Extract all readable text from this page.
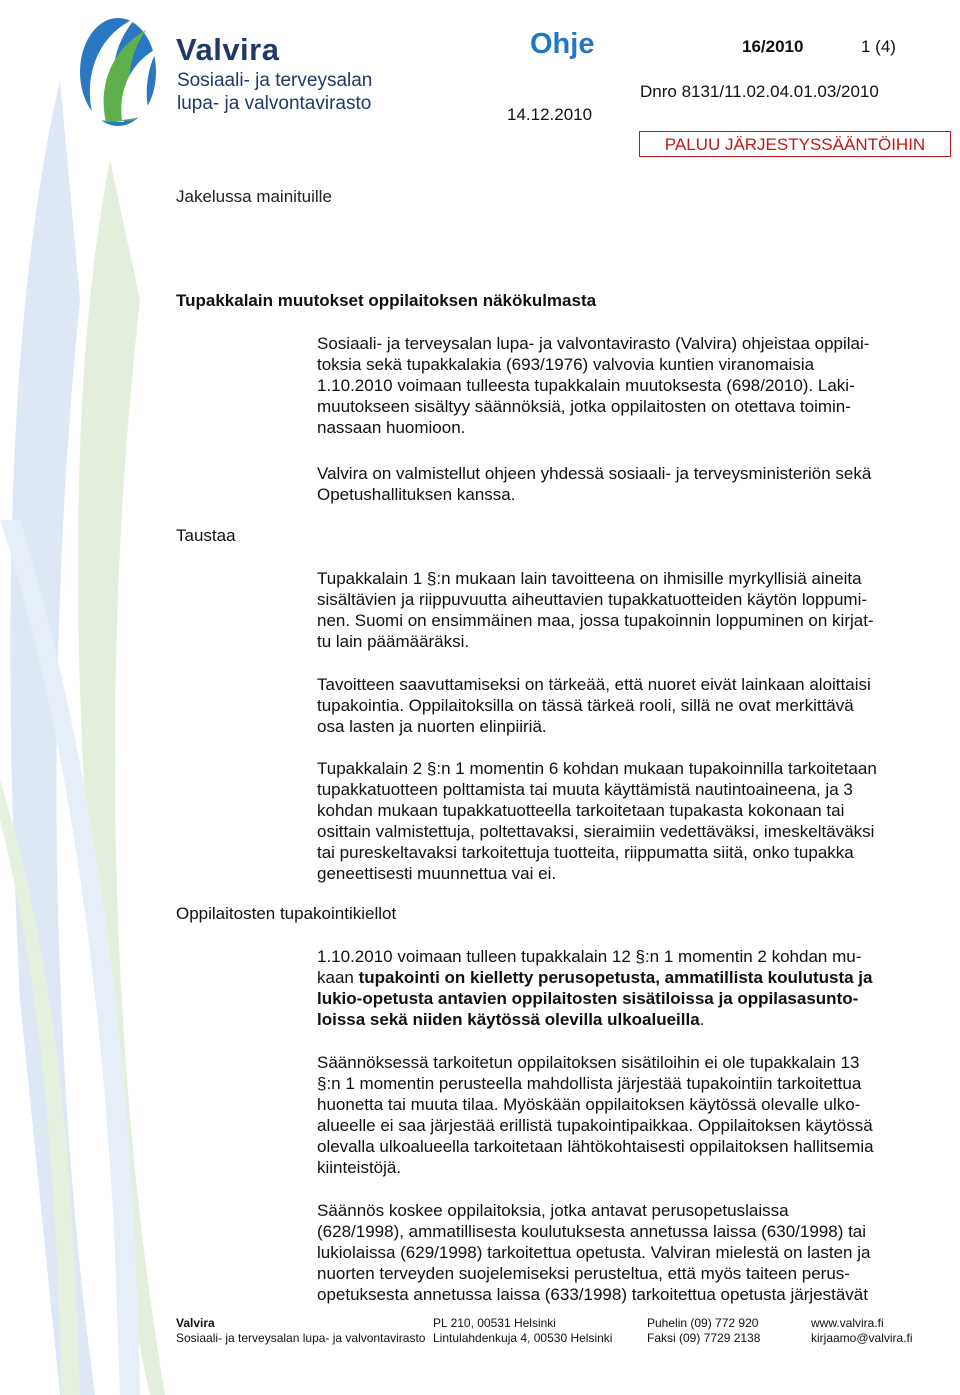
Valvira
Sosiaali- ja terveysalan
lupa- ja valvontavirasto
Ohje	16/2010	1 (4)
Dnro 8131/11.02.04.01.03/2010
14.12.2010
PALUU JÄRJESTYSSÄÄNTÖIHIN
Jakelussa mainituille
Tupakkalain muutokset oppilaitoksen näkökulmasta
Taustaa
Oppilaitosten tupakointikiellot
Sosiaali- ja terveysalan lupa- ja valvontavirasto (Valvira) ohjeistaa oppilai-
toksia sekä tupakkalakia (693/1976) valvovia kuntien viranomaisia
1.10.2010 voimaan tulleesta tupakkalain muutoksesta (698/2010). Laki-
muutokseen sisältyy säännöksiä, jotka oppilaitosten on otettava toimin-
nassaan huomioon.
Valvira on valmistellut ohjeen yhdessä sosiaali- ja terveysministeriön sekä
Opetushallituksen kanssa.
Tupakkalain 1 §:n mukaan lain tavoitteena on ihmisille myrkyllisiä aineita
sisältävien ja riippuvuutta aiheuttavien tupakkatuotteiden käytön loppumi-
nen. Suomi on ensimmäinen maa, jossa tupakoinnin loppuminen on kirjat-
tu lain päämääräksi.
Tavoitteen saavuttamiseksi on tärkeää, että nuoret eivät lainkaan aloittaisi
tupakointia. Oppilaitoksilla on tässä tärkeä rooli, sillä ne ovat merkittävä
osa lasten ja nuorten elinpiiriä.
Tupakkalain 2 §:n 1 momentin 6 kohdan mukaan tupakoinnilla tarkoitetaan
tupakkatuotteen polttamista tai muuta käyttämistä nautintoaineena, ja 3
kohdan mukaan tupakkatuotteella tarkoitetaan tupakasta kokonaan tai
osittain valmistettuja, poltettavaksi, sieraimiin vedettäväksi, imeskeltäväksi
tai pureskeltavaksi tarkoitettuja tuotteita, riippumatta siitä, onko tupakka
geneettisesti muunnettua vai ei.
1.10.2010 voimaan tulleen tupakkalain 12 §:n 1 momentin 2 kohdan mu-
kaan tupakointi on kielletty perusopetusta, ammatillista koulutusta ja
lukio-opetusta antavien oppilaitosten sisätiloissa ja oppilasasunto-
loissa sekä niiden käytössä olevilla ulkoalueilla.
Säännöksessä tarkoitetun oppilaitoksen sisätiloihin ei ole tupakkalain 13
§:n 1 momentin perusteella mahdollista järjestää tupakointiin tarkoitettua
huonetta tai muuta tilaa. Myöskään oppilaitoksen käytössä olevalle ulko-
alueelle ei saa järjestää erillistä tupakointipaikkaa. Oppilaitoksen käytössä
olevalla ulkoalueella tarkoitetaan lähtökohtaisesti oppilaitoksen hallitsemia
kiinteistöjä.
Säännös koskee oppilaitoksia, jotka antavat perusopetuslaissa
(628/1998), ammatillisesta koulutuksesta annetussa laissa (630/1998) tai
lukiolaissa (629/1998) tarkoitettua opetusta. Valviran mielestä on lasten ja
nuorten terveyden suojelemiseksi perusteltua, että myös taiteen perus-
opetuksesta annetussa laissa (633/1998) tarkoitettua opetusta järjestävät
Valvira
Sosiaali- ja terveysalan lupa- ja valvontavirasto
PL 210, 00531 Helsinki
Lintulahdenkuja 4, 00530 Helsinki
Puhelin (09) 772 920
Faksi (09) 7729 2138
www.valvira.fi
kirjaamo@valvira.fi
